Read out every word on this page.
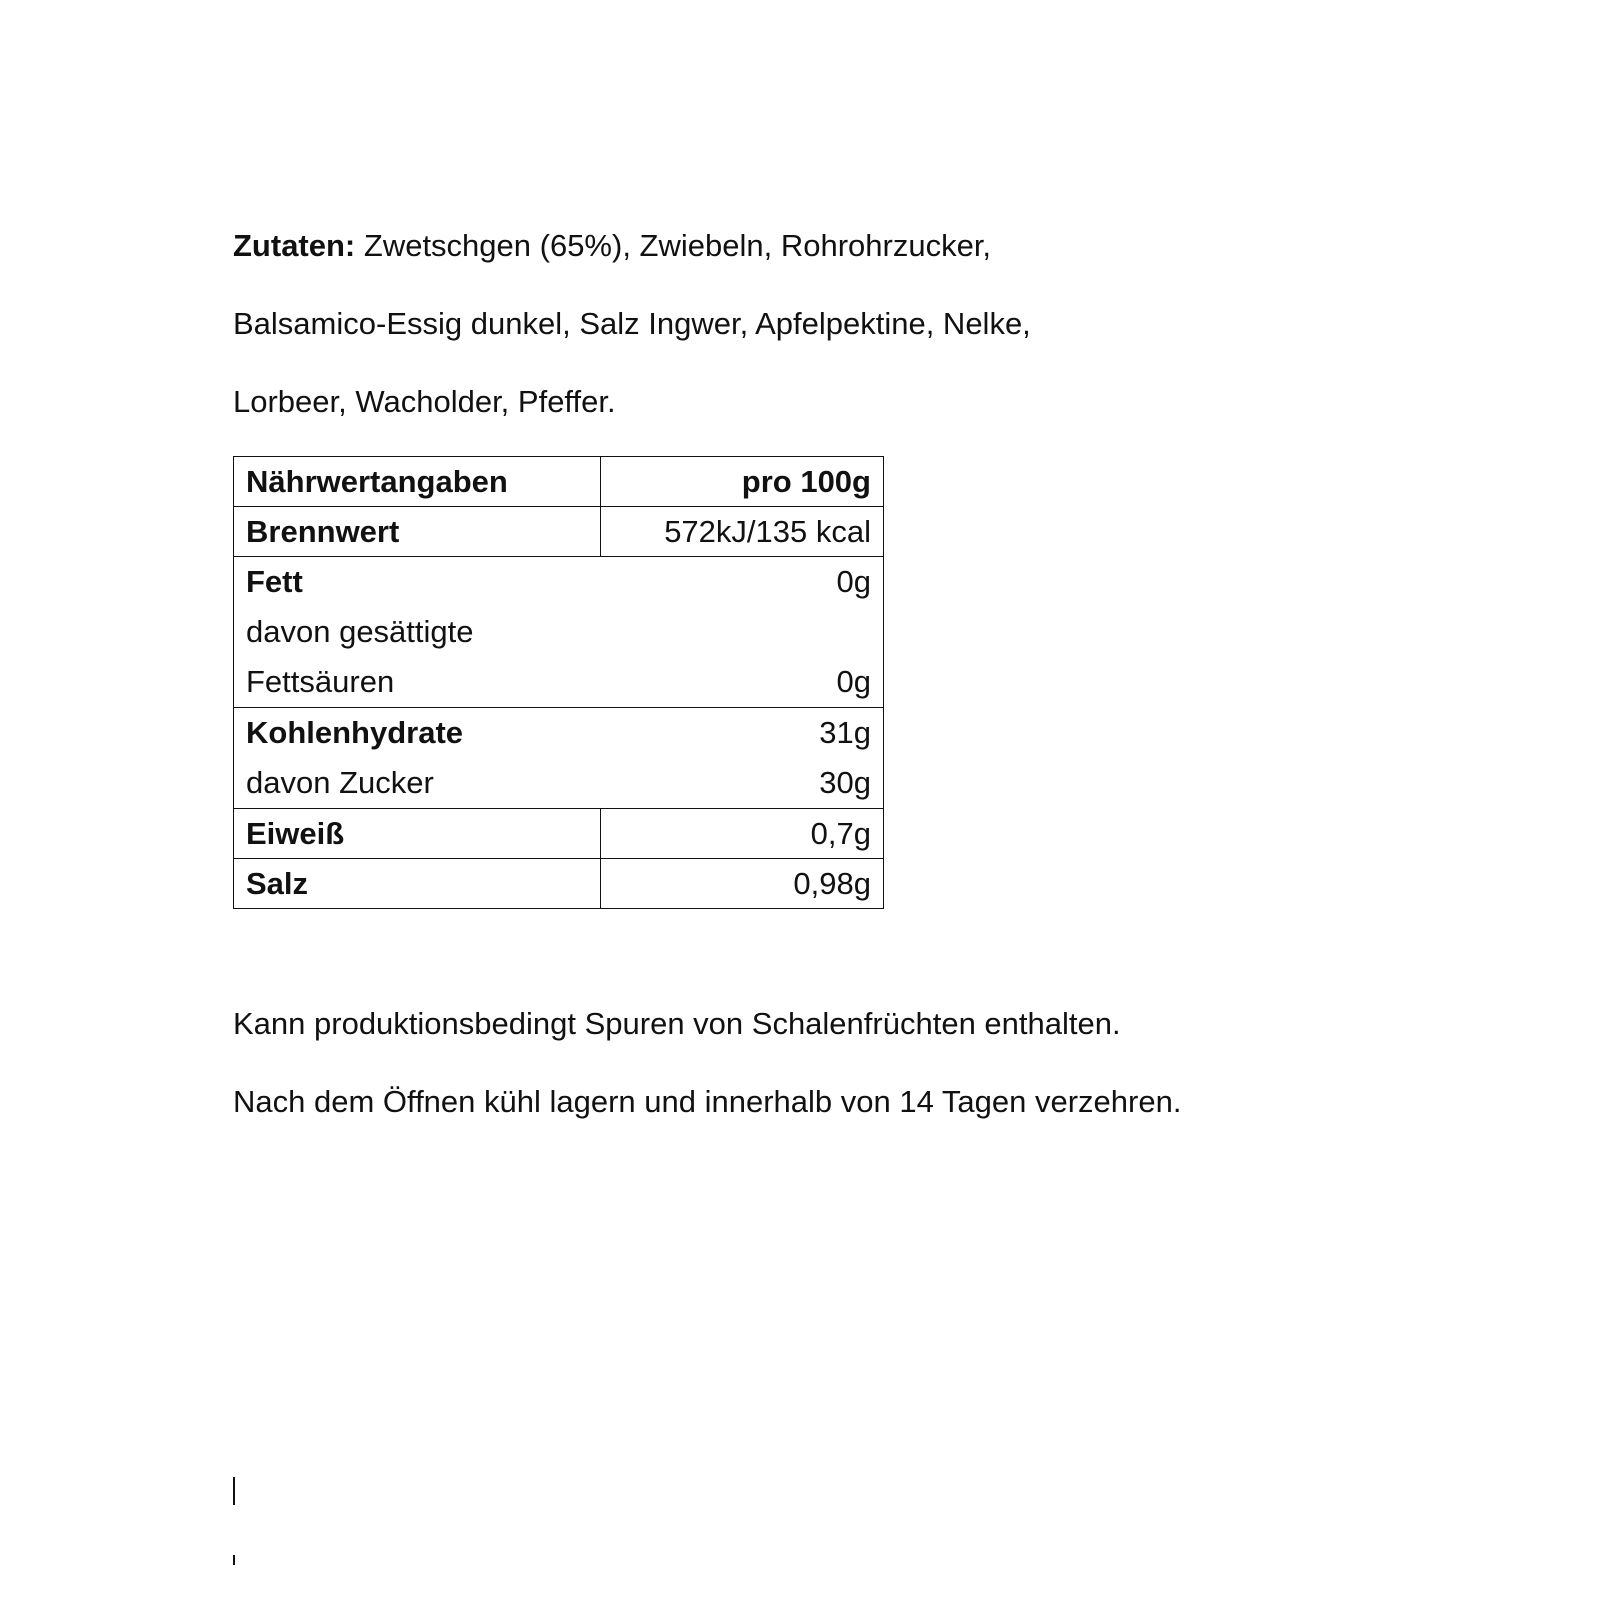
Zutaten: Zwetschgen (65%), Zwiebeln, Rohrohrzucker,
Balsamico-Essig dunkel, Salz Ingwer, Apfelpektine, Nelke,
Lorbeer, Wacholder, Pfeffer.
Nährwertangaben	pro 100g
Brennwert	572kJ/135 kcal

Fett 0g
davon gesättigte
Fettsäuren 0g	

Kohlenhydrate 31g
davon Zucker 30g	

Eiweiß	0,7g
Salz	0,98g
Kann produktionsbedingt Spuren von Schalenfrüchten enthalten.
Nach dem Öffnen kühl lagern und innerhalb von 14 Tagen verzehren.
